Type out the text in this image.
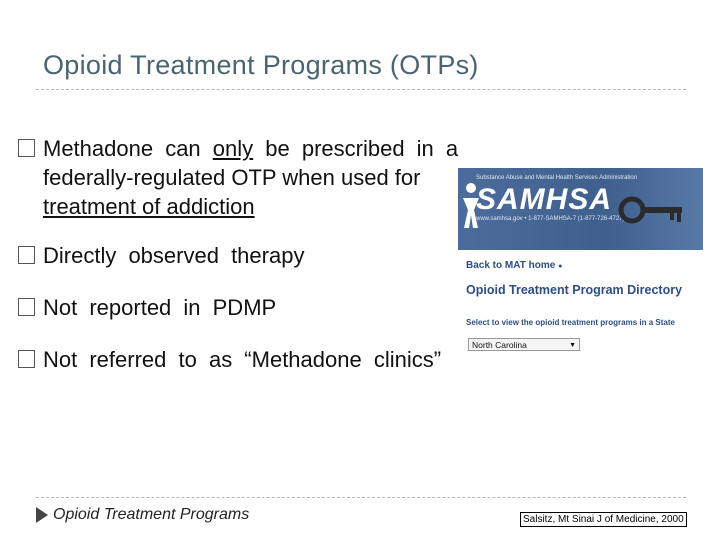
Opioid Treatment Programs (OTPs)
Methadone can only be prescribed in a
federally-regulated OTP when used for
treatment of addiction
Directly observed therapy
Not reported in PDMP
Not referred to as “Methadone clinics”
Substance Abuse and Mental Health Services Administration
SAMHSA
www.samhsa.gov • 1-877-SAMHSA-7 (1-877-726-4727)
Back to MAT home ●
Opioid Treatment Program Directory
Select to view the opioid treatment programs in a State
North Carolina	▼
Opioid Treatment Programs	Salsitz, Mt Sinai J of Medicine, 2000
